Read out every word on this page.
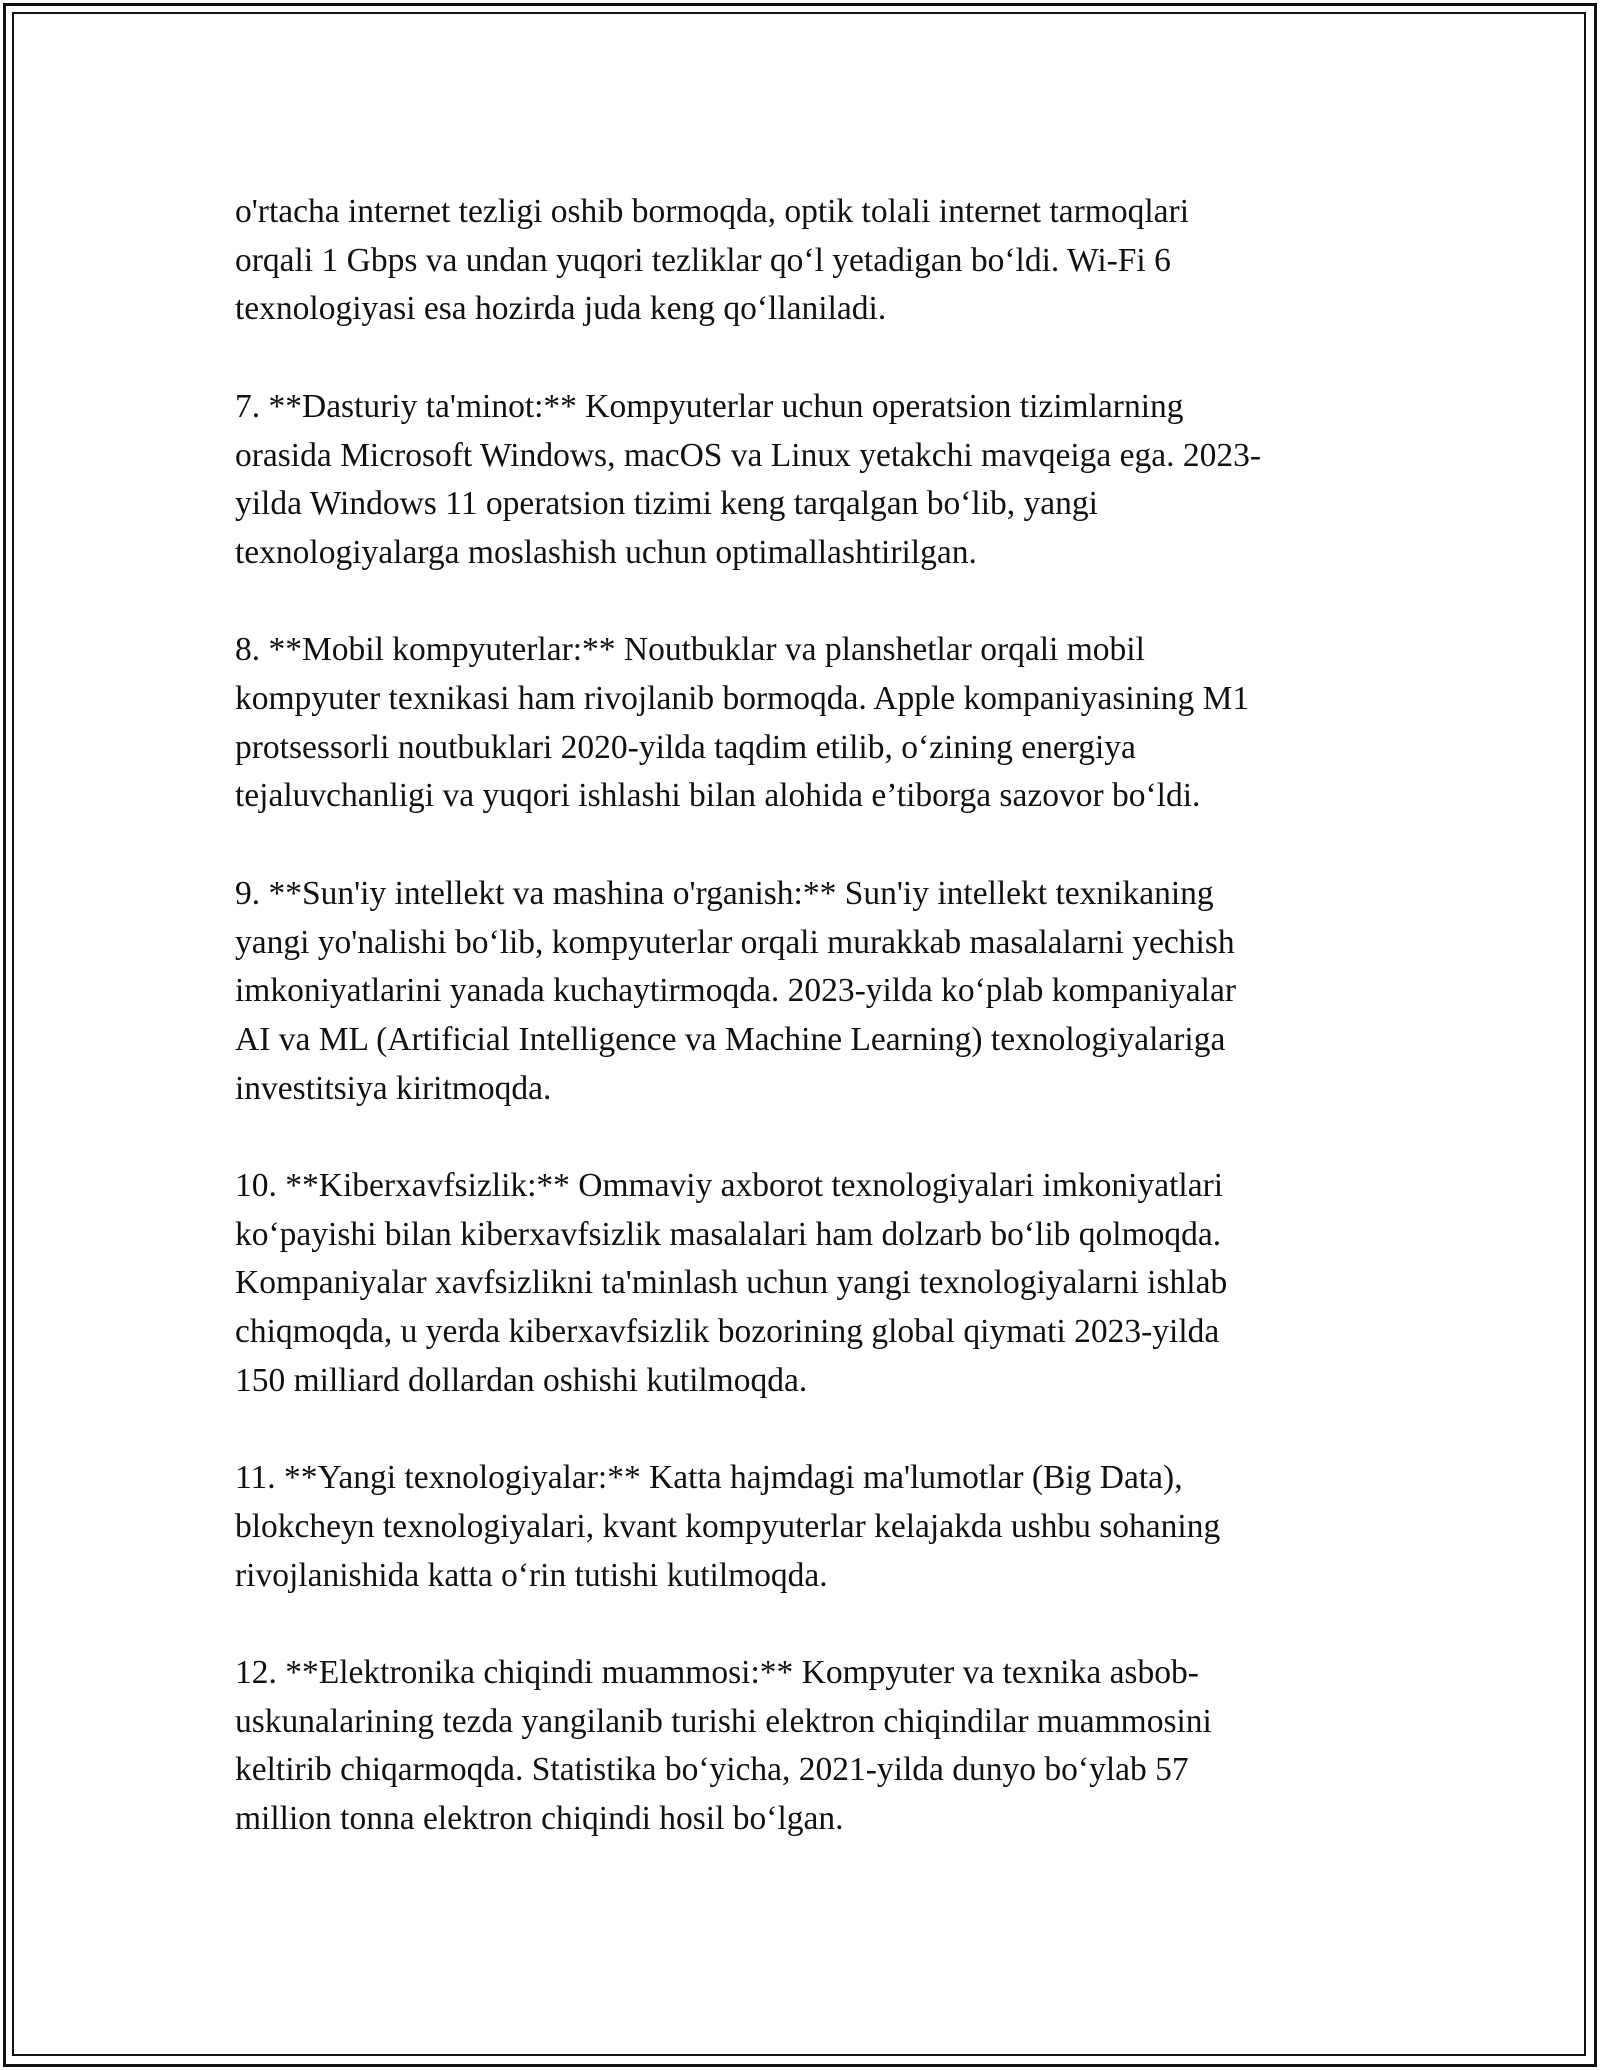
o'rtacha internet tezligi oshib bormoqda, optik tolali internet tarmoqlari
orqali 1 Gbps va undan yuqori tezliklar qo‘l yetadigan bo‘ldi. Wi-Fi 6
texnologiyasi esa hozirda juda keng qo‘llaniladi.

7. **Dasturiy ta'minot:** Kompyuterlar uchun operatsion tizimlarning
orasida Microsoft Windows, macOS va Linux yetakchi mavqeiga ega. 2023-
yilda Windows 11 operatsion tizimi keng tarqalgan bo‘lib, yangi
texnologiyalarga moslashish uchun optimallashtirilgan.

8. **Mobil kompyuterlar:** Noutbuklar va planshetlar orqali mobil
kompyuter texnikasi ham rivojlanib bormoqda. Apple kompaniyasining M1
protsessorli noutbuklari 2020-yilda taqdim etilib, o‘zining energiya
tejaluvchanligi va yuqori ishlashi bilan alohida e’tiborga sazovor bo‘ldi.

9. **Sun'iy intellekt va mashina o'rganish:** Sun'iy intellekt texnikaning
yangi yo'nalishi bo‘lib, kompyuterlar orqali murakkab masalalarni yechish
imkoniyatlarini yanada kuchaytirmoqda. 2023-yilda ko‘plab kompaniyalar
AI va ML (Artificial Intelligence va Machine Learning) texnologiyalariga
investitsiya kiritmoqda.

10. **Kiberxavfsizlik:** Ommaviy axborot texnologiyalari imkoniyatlari
ko‘payishi bilan kiberxavfsizlik masalalari ham dolzarb bo‘lib qolmoqda.
Kompaniyalar xavfsizlikni ta'minlash uchun yangi texnologiyalarni ishlab
chiqmoqda, u yerda kiberxavfsizlik bozorining global qiymati 2023-yilda
150 milliard dollardan oshishi kutilmoqda.

11. **Yangi texnologiyalar:** Katta hajmdagi ma'lumotlar (Big Data),
blokcheyn texnologiyalari, kvant kompyuterlar kelajakda ushbu sohaning
rivojlanishida katta o‘rin tutishi kutilmoqda.

12. **Elektronika chiqindi muammosi:** Kompyuter va texnika asbob-
uskunalarining tezda yangilanib turishi elektron chiqindilar muammosini
keltirib chiqarmoqda. Statistika bo‘yicha, 2021-yilda dunyo bo‘ylab 57
million tonna elektron chiqindi hosil bo‘lgan.
